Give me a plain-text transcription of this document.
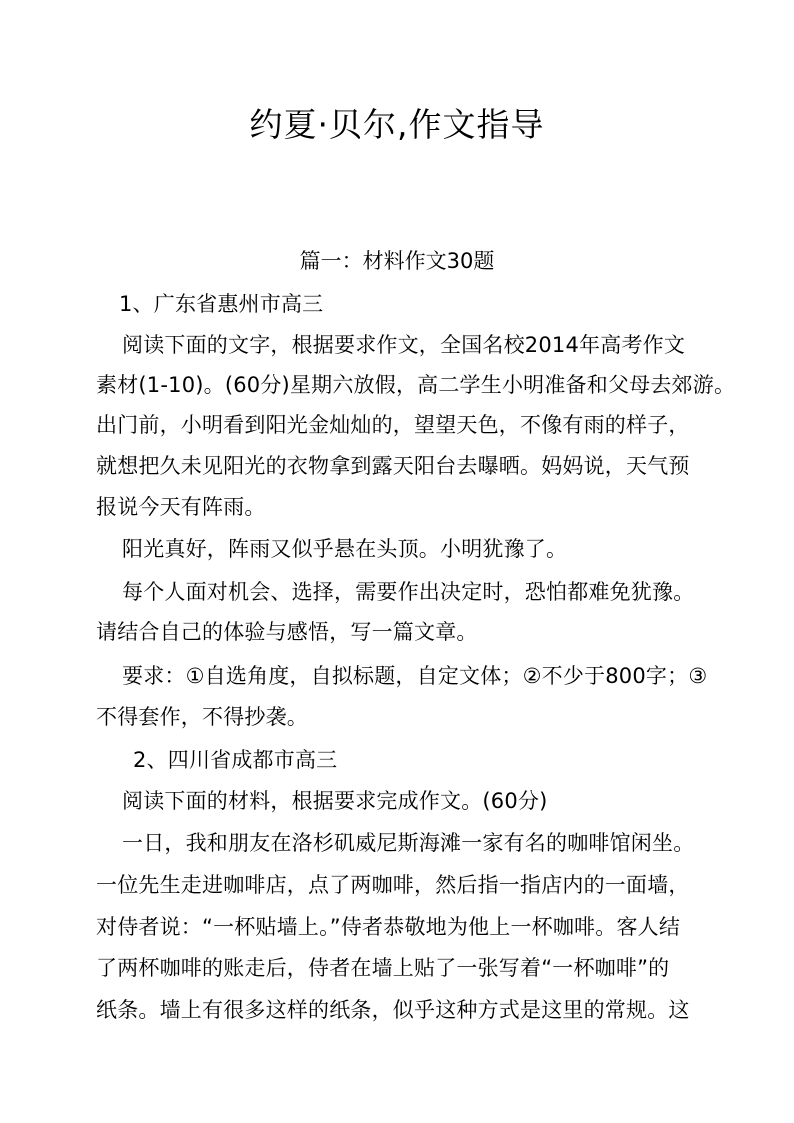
约夏·贝尔,作文指导
篇一：材料作文30题
1、广东省惠州市高三
阅读下面的文字，根据要求作文，全国名校2014年高考作文
素材(1-10)。(60分)星期六放假，高二学生小明准备和父母去郊游。
出门前，小明看到阳光金灿灿的，望望天色，不像有雨的样子，
就想把久未见阳光的衣物拿到露天阳台去曝晒。妈妈说，天气预
报说今天有阵雨。
阳光真好，阵雨又似乎悬在头顶。小明犹豫了。
每个人面对机会、选择，需要作出决定时，恐怕都难免犹豫。
请结合自己的体验与感悟，写一篇文章。
要求：①自选角度，自拟标题，自定文体；②不少于800字；③
不得套作，不得抄袭。
2、四川省成都市高三
阅读下面的材料，根据要求完成作文。(60分)
一日，我和朋友在洛杉矶威尼斯海滩一家有名的咖啡馆闲坐。
一位先生走进咖啡店，点了两咖啡，然后指一指店内的一面墙，
对侍者说：“一杯贴墙上。”侍者恭敬地为他上一杯咖啡。客人结
了两杯咖啡的账走后，侍者在墙上贴了一张写着“一杯咖啡”的
纸条。墙上有很多这样的纸条，似乎这种方式是这里的常规。这
